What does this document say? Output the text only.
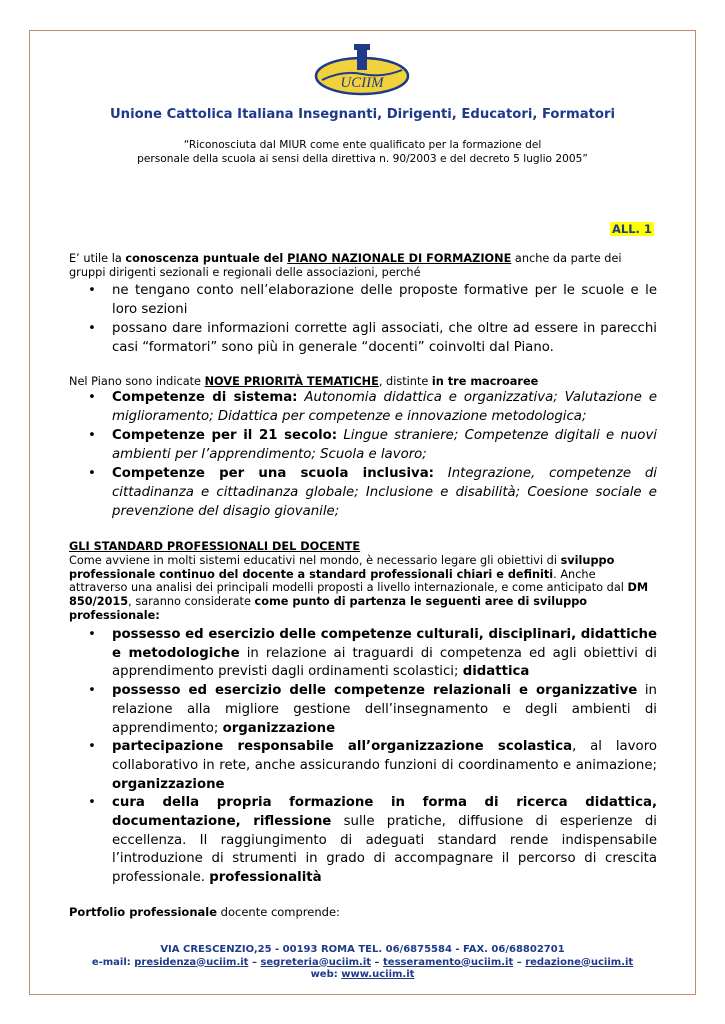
UCIIM
Unione Cattolica Italiana Insegnanti, Dirigenti, Educatori, Formatori
“Riconosciuta dal MIUR come ente qualificato per la formazione del
personale della scuola ai sensi della direttiva n. 90/2003 e del decreto 5 luglio 2005”
ALL. 1
E’ utile la conoscenza puntuale del PIANO NAZIONALE DI FORMAZIONE anche da parte dei gruppi dirigenti sezionali e regionali delle associazioni, perché
• ne tengano conto nell’elaborazione delle proposte formative per le scuole e le loro sezioni
• possano dare informazioni corrette agli associati, che oltre ad essere in parecchi casi “formatori” sono più in generale “docenti” coinvolti dal Piano.
Nel Piano sono indicate NOVE PRIORITÀ TEMATICHE, distinte in tre macroaree
• Competenze di sistema: Autonomia didattica e organizzativa; Valutazione e miglioramento; Didattica per competenze e innovazione metodologica;
• Competenze per il 21 secolo: Lingue straniere; Competenze digitali e nuovi ambienti per l’apprendimento; Scuola e lavoro;
• Competenze per una scuola inclusiva: Integrazione, competenze di cittadinanza e cittadinanza globale; Inclusione e disabilità; Coesione sociale e prevenzione del disagio giovanile;
GLI STANDARD PROFESSIONALI DEL DOCENTE
Come avviene in molti sistemi educativi nel mondo, è necessario legare gli obiettivi di sviluppo professionale continuo del docente a standard professionali chiari e definiti. Anche attraverso una analisi dei principali modelli proposti a livello internazionale, e come anticipato dal DM 850/2015, saranno considerate come punto di partenza le seguenti aree di sviluppo professionale:
• possesso ed esercizio delle competenze culturali, disciplinari, didattiche e metodologiche in relazione ai traguardi di competenza ed agli obiettivi di apprendimento previsti dagli ordinamenti scolastici; didattica
• possesso ed esercizio delle competenze relazionali e organizzative in relazione alla migliore gestione dell’insegnamento e degli ambienti di apprendimento; organizzazione
• partecipazione responsabile all’organizzazione scolastica, al lavoro collaborativo in rete, anche assicurando funzioni di coordinamento e animazione; organizzazione
• cura della propria formazione in forma di ricerca didattica, documentazione, riflessione sulle pratiche, diffusione di esperienze di eccellenza. Il raggiungimento di adeguati standard rende indispensabile l’introduzione di strumenti in grado di accompagnare il percorso di crescita professionale. professionalità
Portfolio professionale docente comprende:
VIA CRESCENZIO,25 - 00193 ROMA TEL. 06/6875584 - FAX. 06/68802701
e-mail: presidenza@uciim.it – segreteria@uciim.it – tesseramento@uciim.it – redazione@uciim.it
web: www.uciim.it
